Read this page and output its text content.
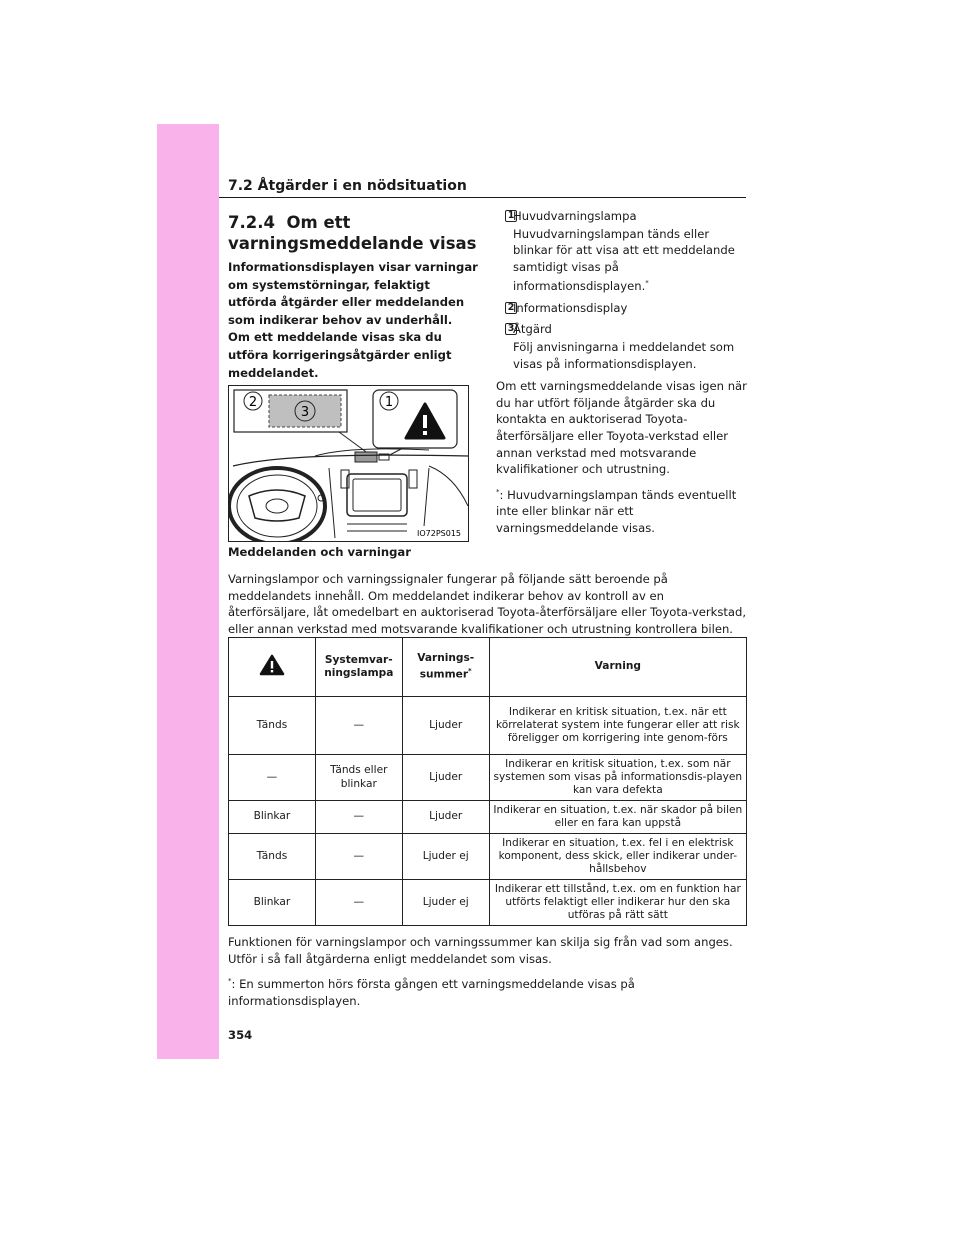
7.2 Åtgärder i en nödsituation
7.2.4 Om ett
varningsmeddelande visas
Informationsdisplayen visar varningar om systemstörningar, felaktigt utförda åtgärder eller meddelanden som indikerar behov av underhåll. Om ett meddelande visas ska du utföra korrigeringsåtgärder enligt meddelandet.
3
2	1
IO72PS015
Meddelanden och varningar
1
Huvudvarningslampa
Huvudvarningslampan tänds eller blinkar för att visa att ett meddelande samtidigt visas på informationsdisplayen.*
2
Informationsdisplay
3
Åtgärd
Följ anvisningarna i meddelandet som visas på informationsdisplayen.

Om ett varningsmeddelande visas igen när du har utfört följande åtgärder ska du kontakta en auktoriserad Toyota-återförsäljare eller Toyota-verkstad eller annan verkstad med motsvarande kvalifikationer och utrustning.

*: Huvudvarningslampan tänds eventuellt inte eller blinkar när ett varningsmeddelande visas.

Varningslampor och varningssignaler fungerar på följande sätt beroende på meddelandets innehåll. Om meddelandet indikerar behov av kontroll av en återförsäljare, låt omedelbart en auktoriserad Toyota-återförsäljare eller Toyota-verkstad, eller annan verkstad med motsvarande kvalifikationer och utrustning kontrollera bilen.
	Systemvar-ningslampa	Varnings-summer*	Varning
Tänds	—	Ljuder	Indikerar en kritisk situation, t.ex. när ett körrelaterat system inte fungerar eller att risk föreligger om korrigering inte genom-förs
—	Tänds eller blinkar	Ljuder	Indikerar en kritisk situation, t.ex. som när systemen som visas på informationsdis-playen kan vara defekta
Blinkar	—	Ljuder	Indikerar en situation, t.ex. när skador på bilen eller en fara kan uppstå
Tänds	—	Ljuder ej	Indikerar en situation, t.ex. fel i en elektrisk komponent, dess skick, eller indikerar under-hållsbehov
Blinkar	—	Ljuder ej	Indikerar ett tillstånd, t.ex. om en funktion har utförts felaktigt eller indikerar hur den ska utföras på rätt sätt

Funktionen för varningslampor och varningssummer kan skilja sig från vad som anges. Utför i så fall åtgärderna enligt meddelandet som visas.

*: En summerton hörs första gången ett varningsmeddelande visas på informationsdisplayen.

354
